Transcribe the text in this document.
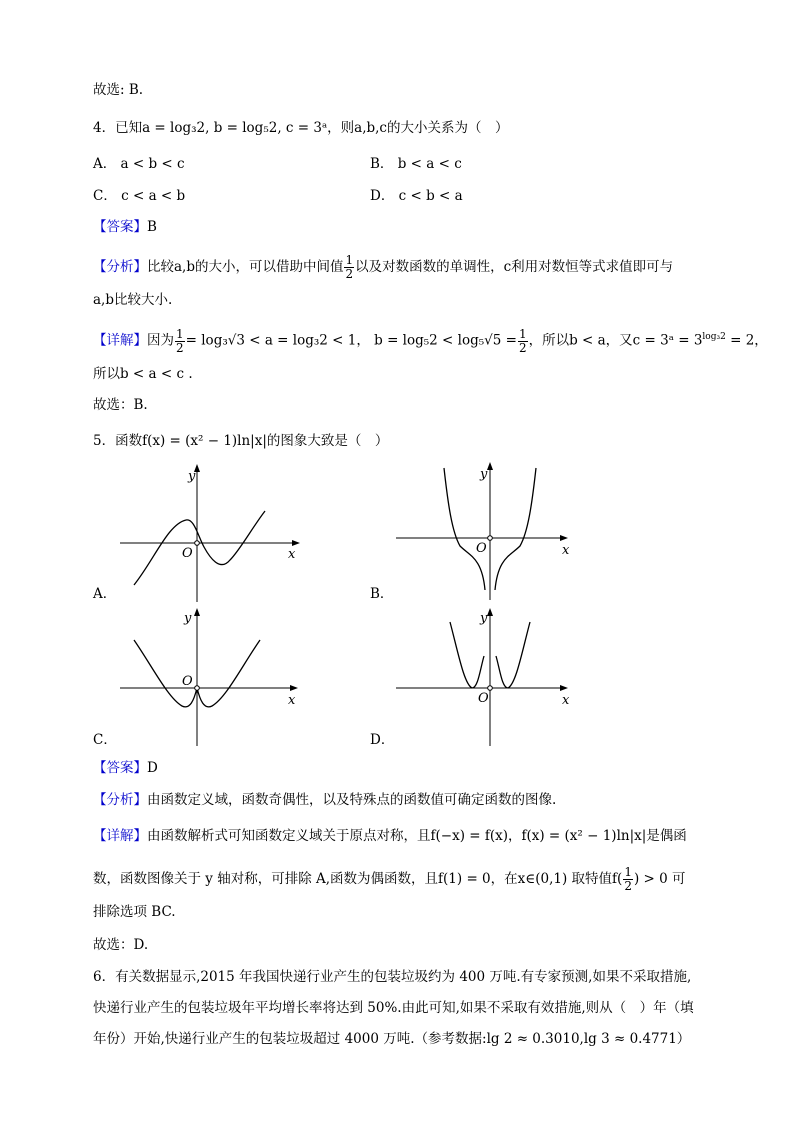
故选: B.
4．已知a = log₃2, b = log₅2, c = 3ᵃ，则a,b,c的大小关系为（　）
A． a < b < c	B． b < a < c
C． c < a < b	D． c < b < a
【答案】B
【分析】比较a,b的大小，可以借助中间值 $\frac{1}{2}$ 以及对数函数的单调性，c利用对数恒等式求值即可与
a,b比较大小.
【详解】因为 $\frac{1}{2} = \log_3√3 < a = \log_32 < 1$， $b = \log_52 < \log_5√5 = \frac{1}{2}$ ，所以b < a，又c = 3ᵃ = $3^{log_32} = 2$，
所以b < a < c .
故选：B.
5．函数f(x) = (x² − 1)ln|x|的图象大致是（　）
y
x
O
A．
y
x
O
B．
y
x
O
C．
y
x
O
D．
【答案】D
【分析】由函数定义域，函数奇偶性，以及特殊点的函数值可确定函数的图像.
【详解】由函数解析式可知函数定义域关于原点对称，且f(−x) = f(x)，f(x) = (x² − 1)ln|x|是偶函
数，函数图像关于 y 轴对称，可排除 A,函数为偶函数，且f(1) = 0，在x∈(0,1) 取特值$f( \frac{1}{2}$ ) > 0 可
排除选项 BC.
故选：D.
6．有关数据显示,2015 年我国快递行业产生的包装垃圾约为 400 万吨.有专家预测,如果不采取措施,
快递行业产生的包装垃圾年平均增长率将达到 50%.由此可知,如果不采取有效措施,则从（　）年（填
年份）开始,快递行业产生的包装垃圾超过 4000 万吨.（参考数据:lg 2 ≈ 0.3010,lg 3 ≈ 0.4771）
